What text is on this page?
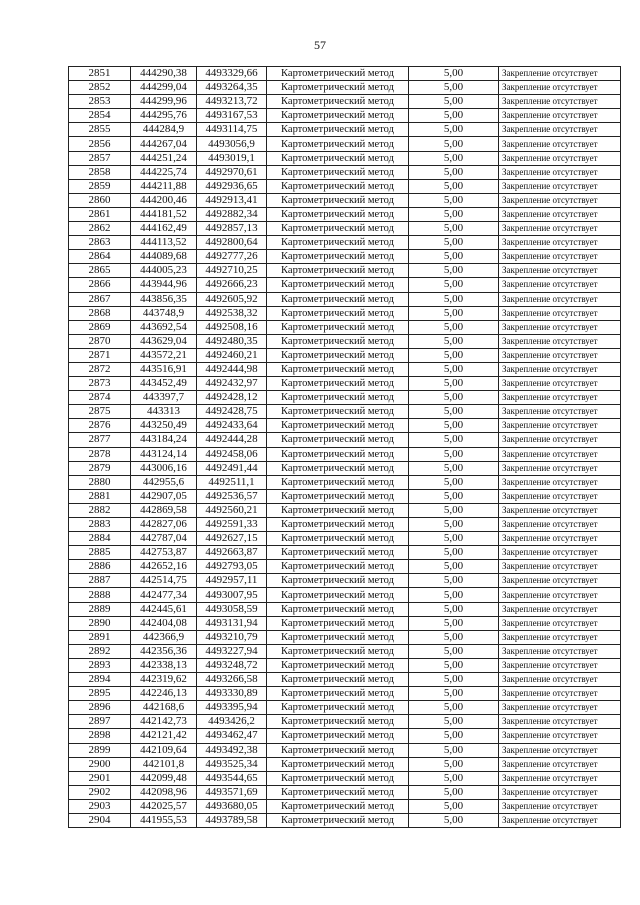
57
2851	444290,38	4493329,66	Картометрический метод	5,00	Закрепление отсутствует
2852	444299,04	4493264,35	Картометрический метод	5,00	Закрепление отсутствует
2853	444299,96	4493213,72	Картометрический метод	5,00	Закрепление отсутствует
2854	444295,76	4493167,53	Картометрический метод	5,00	Закрепление отсутствует
2855	444284,9	4493114,75	Картометрический метод	5,00	Закрепление отсутствует
2856	444267,04	4493056,9	Картометрический метод	5,00	Закрепление отсутствует
2857	444251,24	4493019,1	Картометрический метод	5,00	Закрепление отсутствует
2858	444225,74	4492970,61	Картометрический метод	5,00	Закрепление отсутствует
2859	444211,88	4492936,65	Картометрический метод	5,00	Закрепление отсутствует
2860	444200,46	4492913,41	Картометрический метод	5,00	Закрепление отсутствует
2861	444181,52	4492882,34	Картометрический метод	5,00	Закрепление отсутствует
2862	444162,49	4492857,13	Картометрический метод	5,00	Закрепление отсутствует
2863	444113,52	4492800,64	Картометрический метод	5,00	Закрепление отсутствует
2864	444089,68	4492777,26	Картометрический метод	5,00	Закрепление отсутствует
2865	444005,23	4492710,25	Картометрический метод	5,00	Закрепление отсутствует
2866	443944,96	4492666,23	Картометрический метод	5,00	Закрепление отсутствует
2867	443856,35	4492605,92	Картометрический метод	5,00	Закрепление отсутствует
2868	443748,9	4492538,32	Картометрический метод	5,00	Закрепление отсутствует
2869	443692,54	4492508,16	Картометрический метод	5,00	Закрепление отсутствует
2870	443629,04	4492480,35	Картометрический метод	5,00	Закрепление отсутствует
2871	443572,21	4492460,21	Картометрический метод	5,00	Закрепление отсутствует
2872	443516,91	4492444,98	Картометрический метод	5,00	Закрепление отсутствует
2873	443452,49	4492432,97	Картометрический метод	5,00	Закрепление отсутствует
2874	443397,7	4492428,12	Картометрический метод	5,00	Закрепление отсутствует
2875	443313	4492428,75	Картометрический метод	5,00	Закрепление отсутствует
2876	443250,49	4492433,64	Картометрический метод	5,00	Закрепление отсутствует
2877	443184,24	4492444,28	Картометрический метод	5,00	Закрепление отсутствует
2878	443124,14	4492458,06	Картометрический метод	5,00	Закрепление отсутствует
2879	443006,16	4492491,44	Картометрический метод	5,00	Закрепление отсутствует
2880	442955,6	4492511,1	Картометрический метод	5,00	Закрепление отсутствует
2881	442907,05	4492536,57	Картометрический метод	5,00	Закрепление отсутствует
2882	442869,58	4492560,21	Картометрический метод	5,00	Закрепление отсутствует
2883	442827,06	4492591,33	Картометрический метод	5,00	Закрепление отсутствует
2884	442787,04	4492627,15	Картометрический метод	5,00	Закрепление отсутствует
2885	442753,87	4492663,87	Картометрический метод	5,00	Закрепление отсутствует
2886	442652,16	4492793,05	Картометрический метод	5,00	Закрепление отсутствует
2887	442514,75	4492957,11	Картометрический метод	5,00	Закрепление отсутствует
2888	442477,34	4493007,95	Картометрический метод	5,00	Закрепление отсутствует
2889	442445,61	4493058,59	Картометрический метод	5,00	Закрепление отсутствует
2890	442404,08	4493131,94	Картометрический метод	5,00	Закрепление отсутствует
2891	442366,9	4493210,79	Картометрический метод	5,00	Закрепление отсутствует
2892	442356,36	4493227,94	Картометрический метод	5,00	Закрепление отсутствует
2893	442338,13	4493248,72	Картометрический метод	5,00	Закрепление отсутствует
2894	442319,62	4493266,58	Картометрический метод	5,00	Закрепление отсутствует
2895	442246,13	4493330,89	Картометрический метод	5,00	Закрепление отсутствует
2896	442168,6	4493395,94	Картометрический метод	5,00	Закрепление отсутствует
2897	442142,73	4493426,2	Картометрический метод	5,00	Закрепление отсутствует
2898	442121,42	4493462,47	Картометрический метод	5,00	Закрепление отсутствует
2899	442109,64	4493492,38	Картометрический метод	5,00	Закрепление отсутствует
2900	442101,8	4493525,34	Картометрический метод	5,00	Закрепление отсутствует
2901	442099,48	4493544,65	Картометрический метод	5,00	Закрепление отсутствует
2902	442098,96	4493571,69	Картометрический метод	5,00	Закрепление отсутствует
2903	442025,57	4493680,05	Картометрический метод	5,00	Закрепление отсутствует
2904	441955,53	4493789,58	Картометрический метод	5,00	Закрепление отсутствует
